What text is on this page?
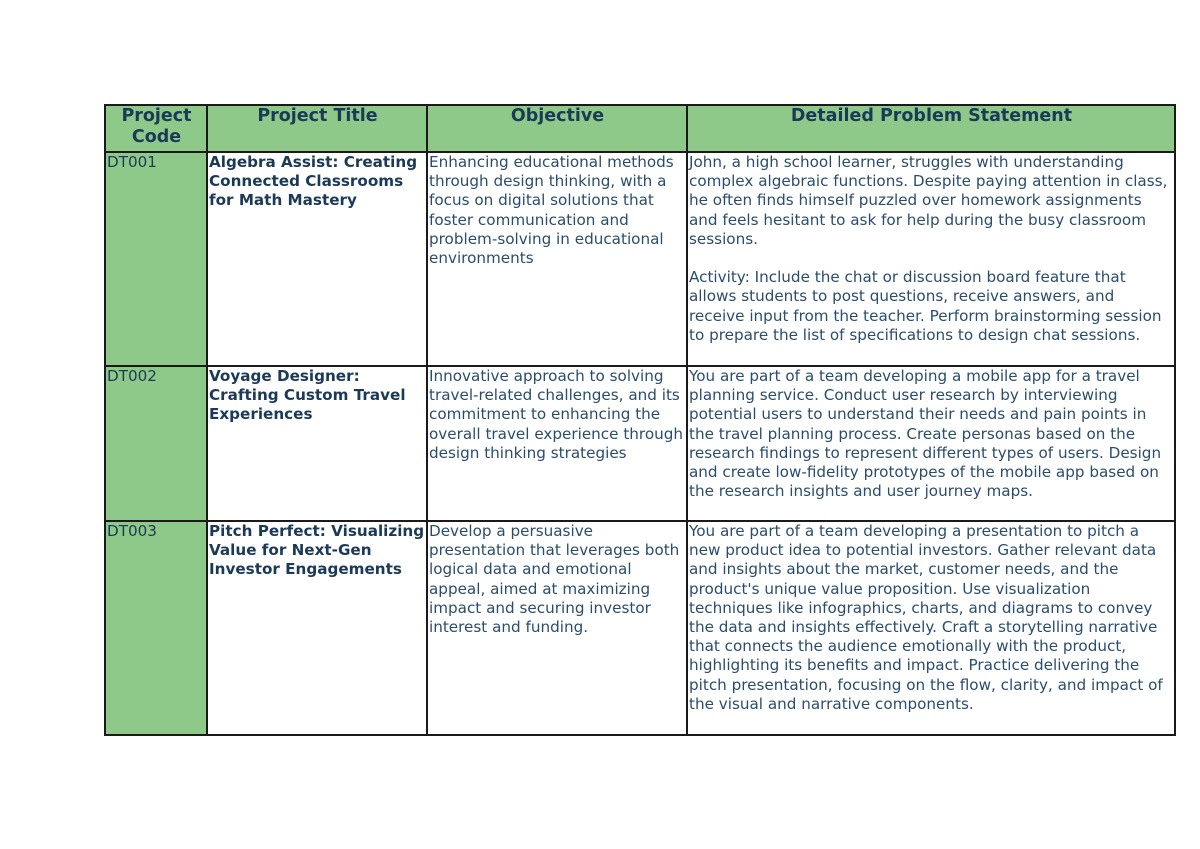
Project Code	Project Title	Objective	Detailed Problem Statement
DT001	Algebra Assist: Creating Connected Classrooms for Math Mastery	Enhancing educational methods through design thinking, with a focus on digital solutions that foster communication and problem-solving in educational environments	John, a high school learner, struggles with understanding complex algebraic functions. Despite paying attention in class, he often finds himself puzzled over homework assignments and feels hesitant to ask for help during the busy classroom sessions.
Activity: Include the chat or discussion board feature that allows students to post questions, receive answers, and receive input from the teacher. Perform brainstorming session to prepare the list of specifications to design chat sessions.

DT002	Voyage Designer: Crafting Custom Travel Experiences	Innovative approach to solving travel-related challenges, and its commitment to enhancing the overall travel experience through design thinking strategies	You are part of a team developing a mobile app for a travel planning service. Conduct user research by interviewing potential users to understand their needs and pain points in the travel planning process. Create personas based on the research findings to represent different types of users. Design and create low-fidelity prototypes of the mobile app based on the research insights and user journey maps.
DT003	Pitch Perfect: Visualizing Value for Next-Gen Investor Engagements	Develop a persuasive presentation that leverages both logical data and emotional appeal, aimed at maximizing impact and securing investor interest and funding.	You are part of a team developing a presentation to pitch a new product idea to potential investors. Gather relevant data and insights about the market, customer needs, and the product's unique value proposition. Use visualization techniques like infographics, charts, and diagrams to convey the data and insights effectively. Craft a storytelling narrative that connects the audience emotionally with the product, highlighting its benefits and impact. Practice delivering the pitch presentation, focusing on the flow, clarity, and impact of the visual and narrative components.
